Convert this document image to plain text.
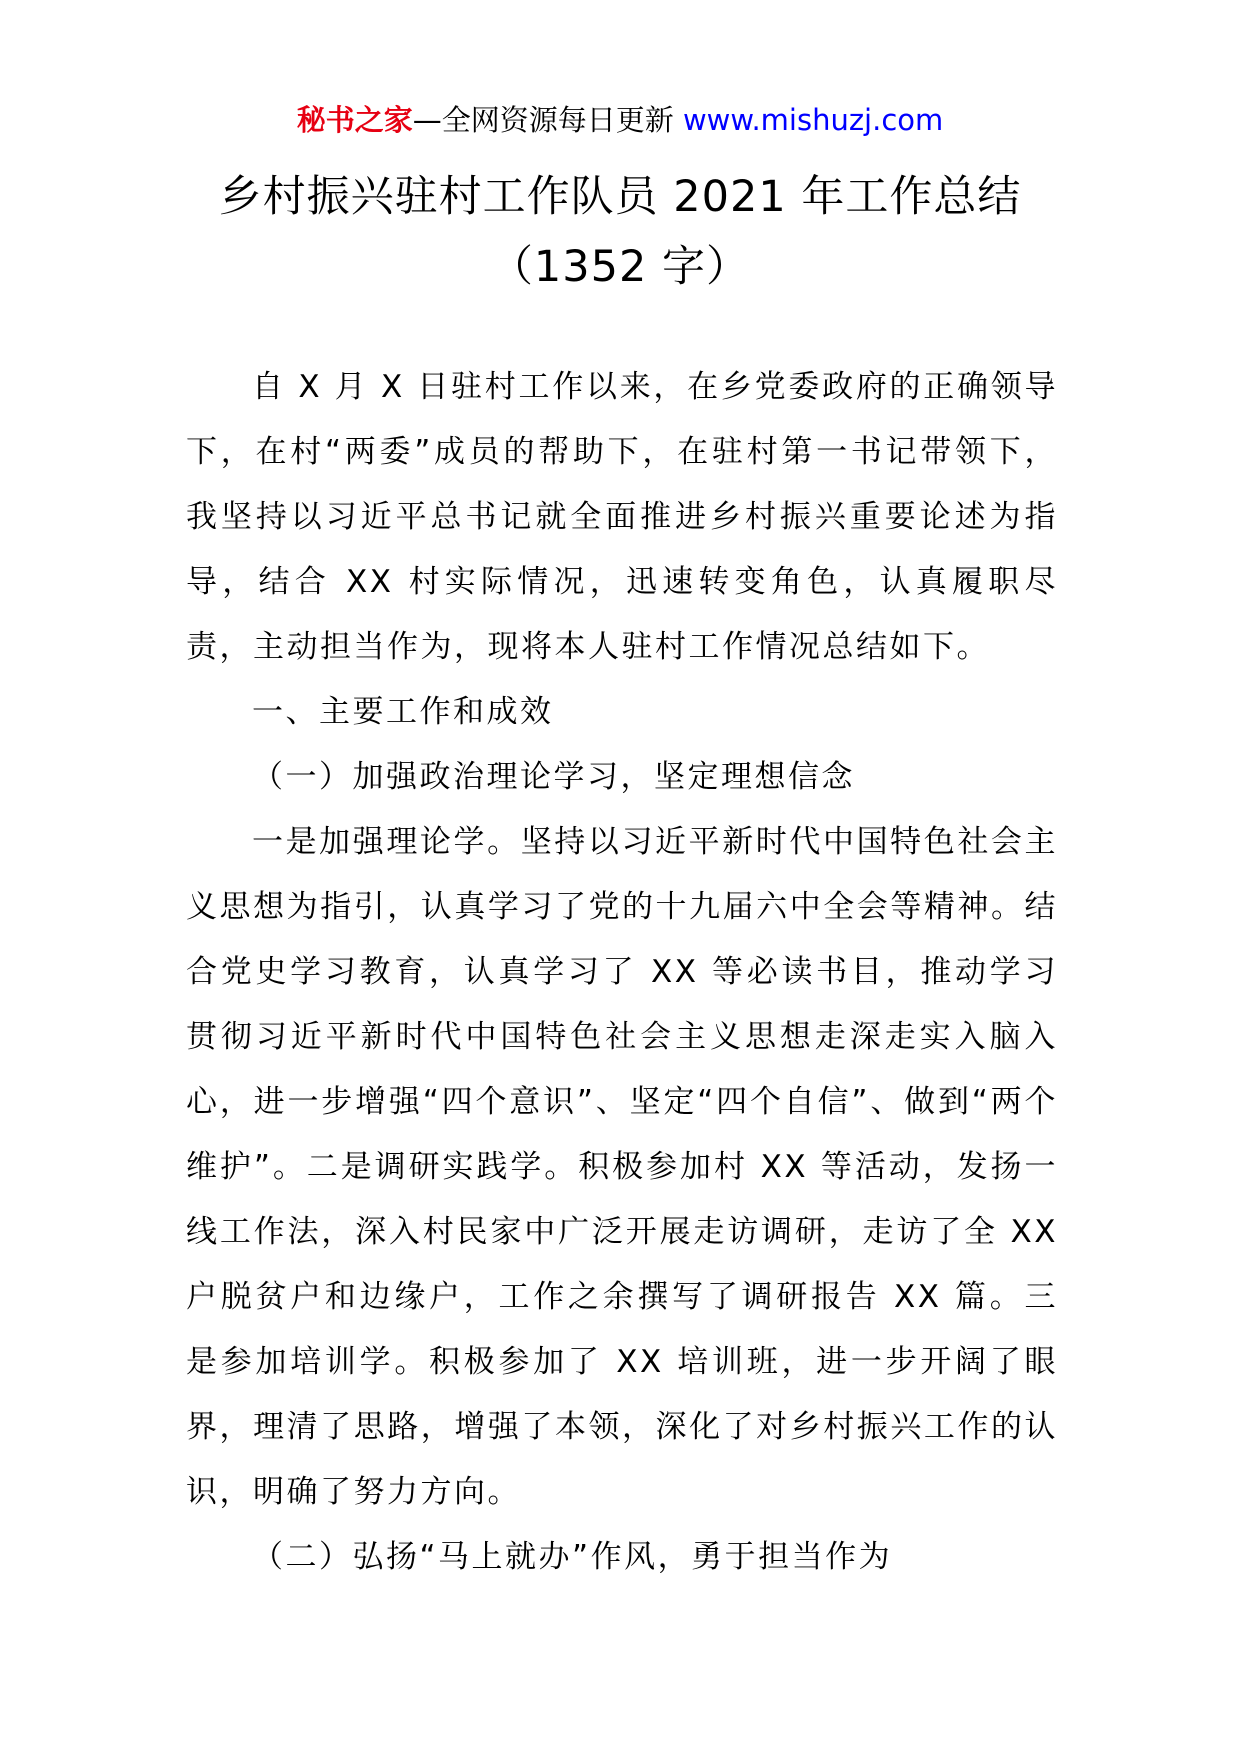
秘书之家—全网资源每日更新 www.mishuzj.com
乡村振兴驻村工作队员 2021 年工作总结
（1352 字）

自 X 月 X 日驻村工作以来，在乡党委政府的正确领导下，在村“两委”成员的帮助下，在驻村第一书记带领下，我坚持以习近平总书记就全面推进乡村振兴重要论述为指导，结合 XX 村实际情况，迅速转变角色，认真履职尽责，主动担当作为，现将本人驻村工作情况总结如下。

一、主要工作和成效

（一）加强政治理论学习，坚定理想信念

一是加强理论学。坚持以习近平新时代中国特色社会主义思想为指引，认真学习了党的十九届六中全会等精神。结合党史学习教育，认真学习了 XX 等必读书目，推动学习贯彻习近平新时代中国特色社会主义思想走深走实入脑入心，进一步增强“四个意识”、坚定“四个自信”、做到“两个维护”。二是调研实践学。积极参加村 XX 等活动，发扬一线工作法，深入村民家中广泛开展走访调研，走访了全 XX 户脱贫户和边缘户，工作之余撰写了调研报告 XX 篇。三是参加培训学。积极参加了 XX 培训班，进一步开阔了眼界，理清了思路，增强了本领，深化了对乡村振兴工作的认识，明确了努力方向。

（二）弘扬“马上就办”作风，勇于担当作为
